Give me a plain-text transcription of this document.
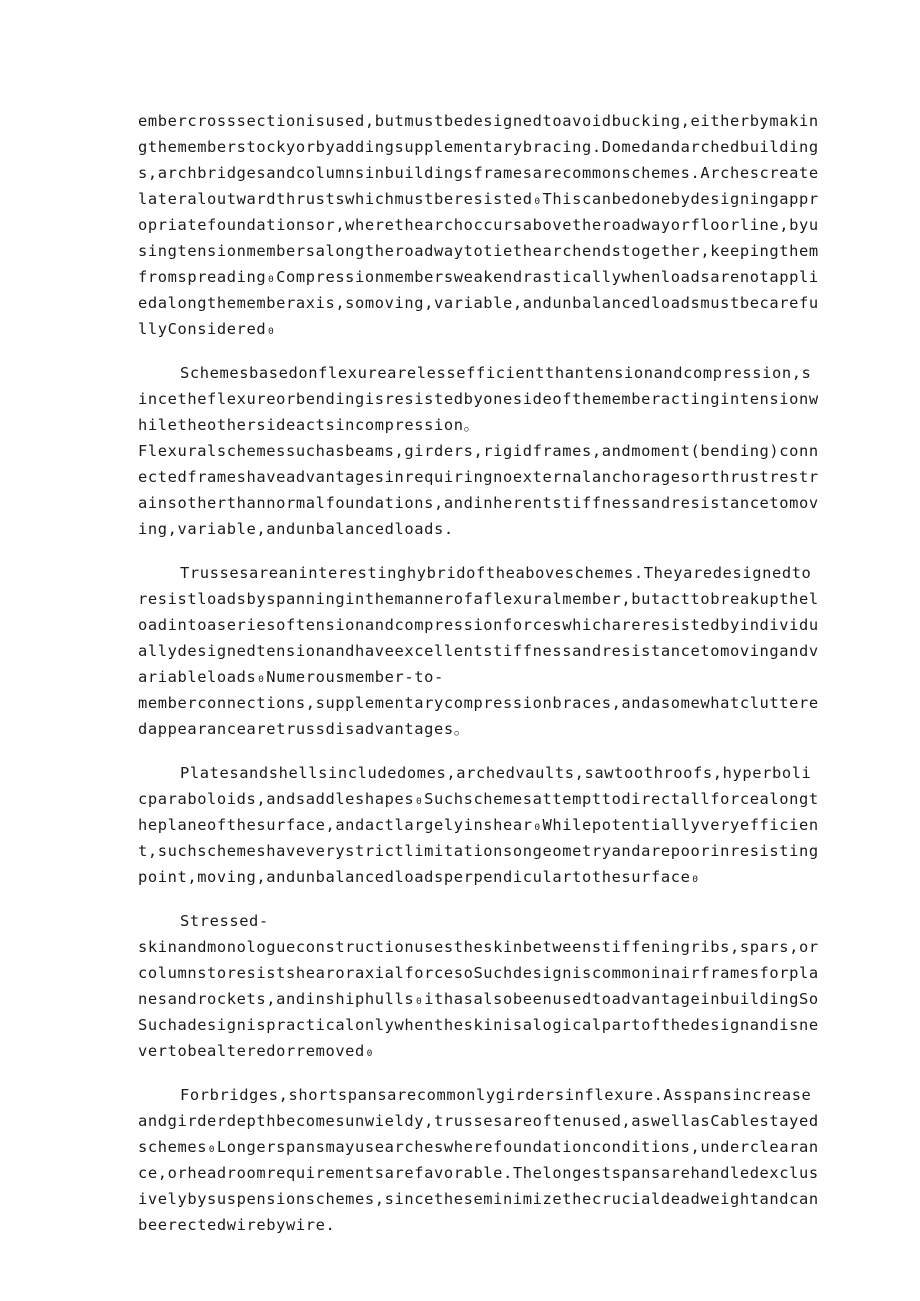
embercrosssectionisused,butmustbedesignedtoavoidbucking,eitherbymakin
gthememberstockyorbyaddingsupplementarybracing.Domedandarchedbuilding
s,archbridgesandcolumnsinbuildingsframesarecommonschemes.Archescreate
lateraloutwardthrustswhichmustberesisted₀Thiscanbedonebydesigningappr
opriatefoundationsor,wherethearchoccursabovetheroadwayorfloorline,byu
singtensionmembersalongtheroadwaytotiethearchendstogether,keepingthem
fromspreading₀Compressionmembersweakendrasticallywhenloadsarenotappli
edalongthememberaxis,somoving,variable,andunbalancedloadsmustbecarefu
llyConsidered₀
Schemesbasedonflexurearelessefficientthantensionandcompression,s
incetheflexureorbendingisresistedbyonesideofthememberactingintensionw
hiletheothersideactsincompression。
Flexuralschemessuchasbeams,girders,rigidframes,andmoment(bending)conn
ectedframeshaveadvantagesinrequiringnoexternalanchoragesorthrustrestr
ainsotherthannormalfoundations,andinherentstiffnessandresistancetomov
ing,variable,andunbalancedloads.
Trussesareaninterestinghybridoftheaboveschemes.Theyaredesignedto
resistloadsbyspanninginthemannerofaflexuralmember,butacttobreakupthel
oadintoaseriesoftensionandcompressionforceswhichareresistedbyindividu
allydesignedtensionandhaveexcellentstiffnessandresistancetomovingandv
ariableloads₀Numerousmember-to-
memberconnections,supplementarycompressionbraces,andasomewhatcluttere
dappearancearetrussdisadvantages。
Platesandshellsincludedomes,archedvaults,sawtoothroofs,hyperboli
cparaboloids,andsaddleshapes₀Suchschemesattempttodirectallforcealongt
heplaneofthesurface,andactlargelyinshear₀Whilepotentiallyveryefficien
t,suchschemeshaveverystrictlimitationsongeometryandarepoorinresisting
point,moving,andunbalancedloadsperpendiculartothesurface₀
Stressed-
skinandmonologueconstructionusestheskinbetweenstiffeningribs,spars,or
columnstoresistshearoraxialforcesoSuchdesigniscommoninairframesforpla
nesandrockets,andinshiphulls₀ithasalsobeenusedtoadvantageinbuildingSo
Suchadesignispracticalonlywhentheskinisalogicalpartofthedesignandisne
vertobealteredorremoved₀
Forbridges,shortspansarecommonlygirdersinflexure.Asspansincrease
andgirderdepthbecomesunwieldy,trussesareoftenused,aswellasCablestayed
schemes₀Longerspansmayusearcheswherefoundationconditions,underclearan
ce,orheadroomrequirementsarefavorable.Thelongestspansarehandledexclus
ivelybysuspensionschemes,sincetheseminimizethecrucialdeadweightandcan
beerectedwirebywire.
